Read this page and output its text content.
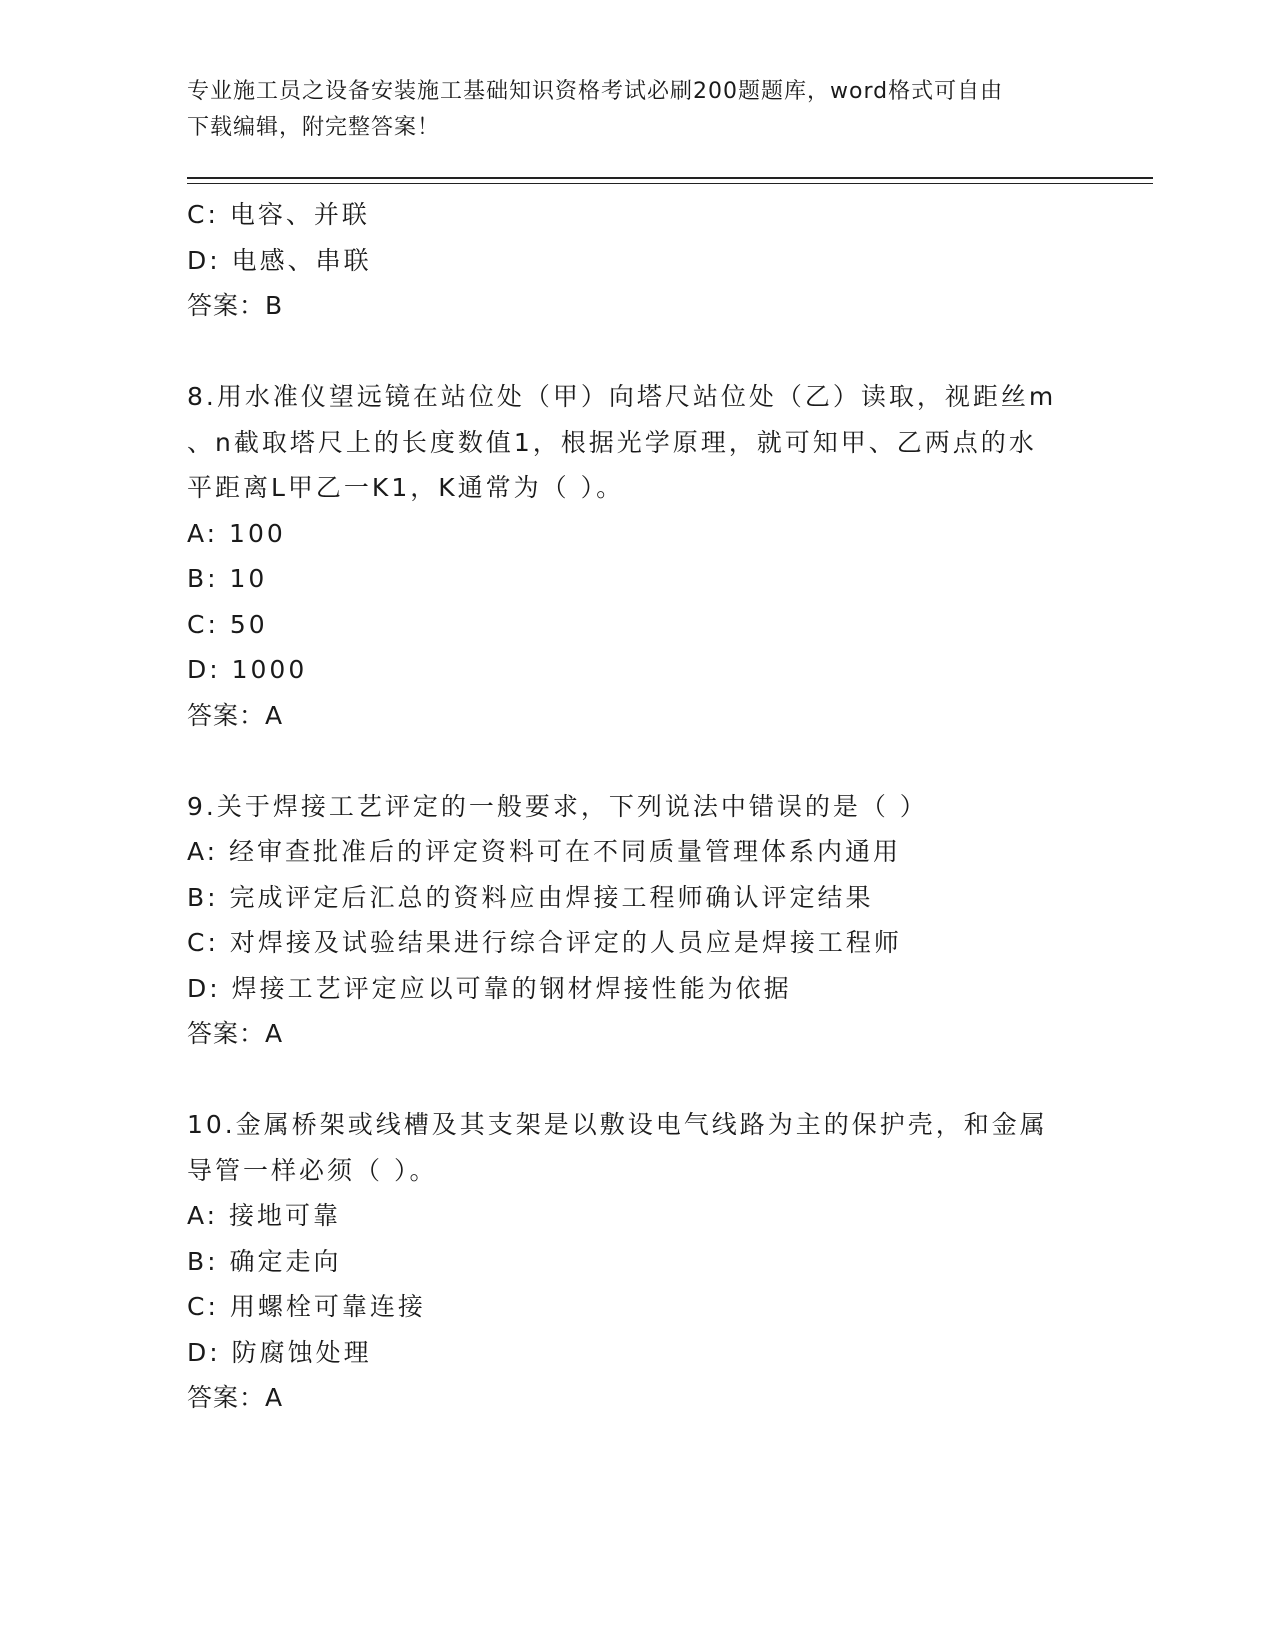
专业施工员之设备安装施工基础知识资格考试必刷200题题库，word格式可自由
下载编辑，附完整答案！
C: 电容、并联
D: 电感、串联
答案：B
8.用水准仪望远镜在站位处（甲）向塔尺站位处（乙）读取，视距丝m
、n截取塔尺上的长度数值1，根据光学原理，就可知甲、乙两点的水
平距离L甲乙一K1，K通常为（ ）。
A: 100
B: 10
C: 50
D: 1000
答案：A
9.关于焊接工艺评定的一般要求，下列说法中错误的是（ ）
A: 经审查批准后的评定资料可在不同质量管理体系内通用
B: 完成评定后汇总的资料应由焊接工程师确认评定结果
C: 对焊接及试验结果进行综合评定的人员应是焊接工程师
D: 焊接工艺评定应以可靠的钢材焊接性能为依据
答案：A
10.金属桥架或线槽及其支架是以敷设电气线路为主的保护壳，和金属
导管一样必须（ ）。
A: 接地可靠
B: 确定走向
C: 用螺栓可靠连接
D: 防腐蚀处理
答案：A
